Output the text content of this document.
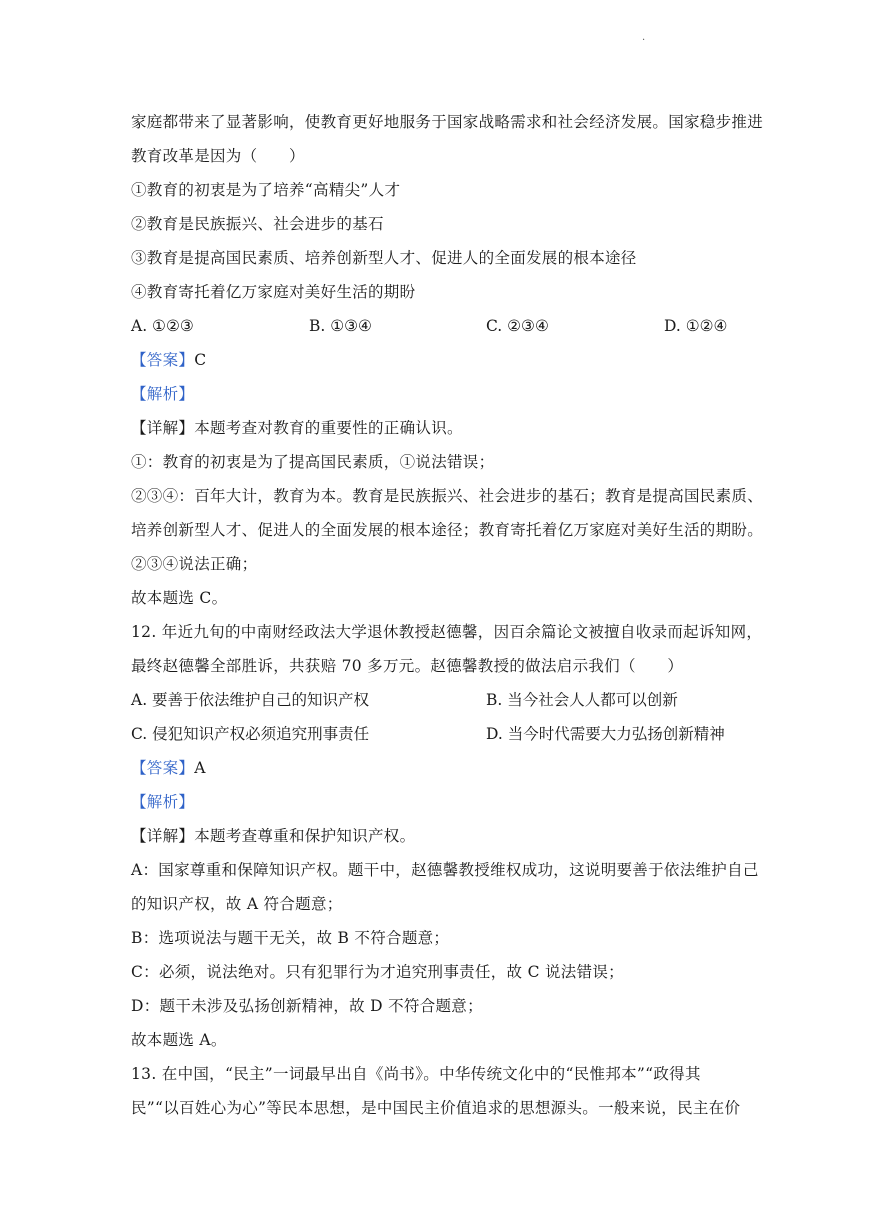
.
家庭都带来了显著影响，使教育更好地服务于国家战略需求和社会经济发展。国家稳步推进
教育改革是因为（　　）
①教育的初衷是为了培养“高精尖”人才
②教育是民族振兴、社会进步的基石
③教育是提高国民素质、培养创新型人才、促进人的全面发展的根本途径
④教育寄托着亿万家庭对美好生活的期盼
A. ①②③	B. ①③④	C. ②③④	D. ①②④
【答案】C
【解析】
【详解】本题考查对教育的重要性的正确认识。
①：教育的初衷是为了提高国民素质，①说法错误；
②③④：百年大计，教育为本。教育是民族振兴、社会进步的基石；教育是提高国民素质、
培养创新型人才、促进人的全面发展的根本途径；教育寄托着亿万家庭对美好生活的期盼。
②③④说法正确；
故本题选 C。
12. 年近九旬的中南财经政法大学退休教授赵德馨，因百余篇论文被擅自收录而起诉知网，
最终赵德馨全部胜诉，共获赔 70 多万元。赵德馨教授的做法启示我们（　　）
A. 要善于依法维护自己的知识产权	B. 当今社会人人都可以创新
C. 侵犯知识产权必须追究刑事责任	D. 当今时代需要大力弘扬创新精神
【答案】A
【解析】
【详解】本题考查尊重和保护知识产权。
A：国家尊重和保障知识产权。题干中，赵德馨教授维权成功，这说明要善于依法维护自己
的知识产权，故 A 符合题意；
B：选项说法与题干无关，故 B 不符合题意；
C：必须，说法绝对。只有犯罪行为才追究刑事责任，故 C 说法错误；
D：题干未涉及弘扬创新精神，故 D 不符合题意；
故本题选 A。
13. 在中国，“民主”一词最早出自《尚书》。中华传统文化中的“民惟邦本”“政得其
民”“以百姓心为心”等民本思想，是中国民主价值追求的思想源头。一般来说，民主在价
